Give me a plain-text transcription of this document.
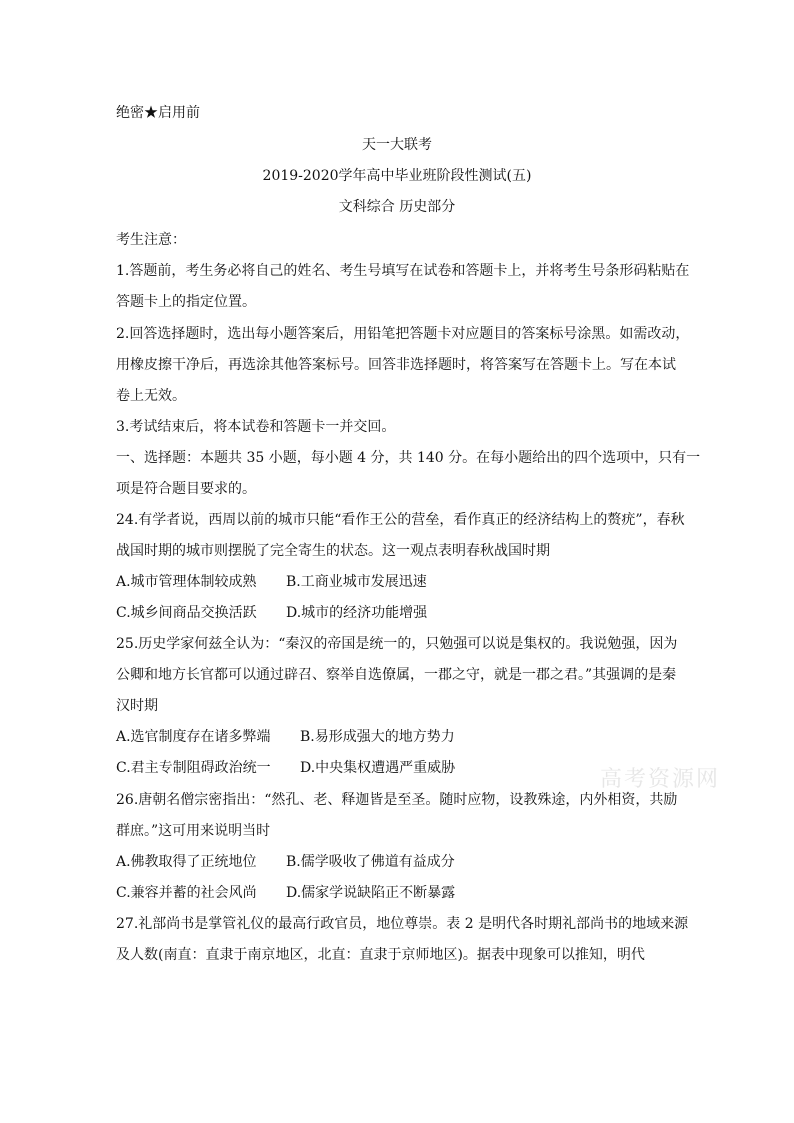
绝密★启用前
天一大联考
2019-2020学年高中毕业班阶段性测试(五)
文科综合 历史部分
考生注意：
1.答题前，考生务必将自己的姓名、考生号填写在试卷和答题卡上，并将考生号条形码粘贴在
答题卡上的指定位置。
2.回答选择题时，选出每小题答案后，用铅笔把答题卡对应题目的答案标号涂黑。如需改动，
用橡皮擦干净后，再选涂其他答案标号。回答非选择题时，将答案写在答题卡上。写在本试
卷上无效。
3.考试结束后，将本试卷和答题卡一并交回。
一、选择题：本题共 35 小题，每小题 4 分，共 140 分。在每小题给出的四个选项中，只有一
项是符合题目要求的。
24.有学者说，西周以前的城市只能“看作王公的营垒，看作真正的经济结构上的赘疣”，春秋
战国时期的城市则摆脱了完全寄生的状态。这一观点表明春秋战国时期
A.城市管理体制较成熟 B.工商业城市发展迅速
C.城乡间商品交换活跃 D.城市的经济功能增强
25.历史学家何兹全认为：“秦汉的帝国是统一的，只勉强可以说是集权的。我说勉强，因为
公卿和地方长官都可以通过辟召、察举自选僚属，一郡之守，就是一郡之君。”其强调的是秦
汉时期
A.选官制度存在诸多弊端 B.易形成强大的地方势力
C.君主专制阻碍政治统一 D.中央集权遭遇严重威胁
26.唐朝名僧宗密指出：“然孔、老、释迦皆是至圣。随时应物，设教殊途，内外相资，共励
群庶。”这可用来说明当时
A.佛教取得了正统地位 B.儒学吸收了佛道有益成分
C.兼容并蓄的社会风尚 D.儒家学说缺陷正不断暴露
27.礼部尚书是掌管礼仪的最高行政官员，地位尊崇。表 2 是明代各时期礼部尚书的地域来源
及人数(南直：直隶于南京地区，北直：直隶于京师地区)。据表中现象可以推知，明代
高考资源网
